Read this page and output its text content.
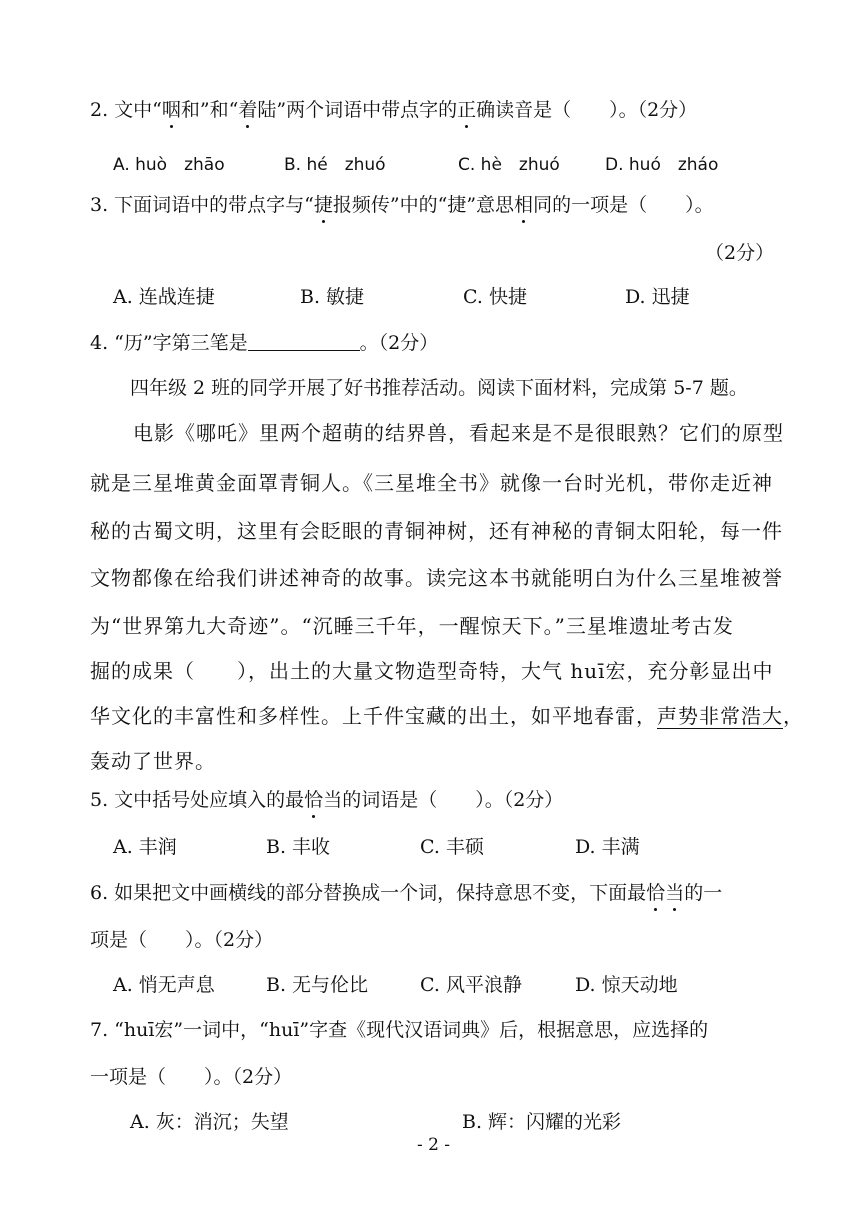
2. 文中“咽和”和“着陆”两个词语中带点字的正确读音是（　　）。（2分）
A. huò　zhāo	B. hé　zhuó	C. hè　zhuó	D. huó　zháo
3. 下面词语中的带点字与“捷报频传”中的“捷”意思相同的一项是（　　）。
（2分）
A. 连战连捷	B. 敏捷	C. 快捷	D. 迅捷
4. “历”字第三笔是	。（2分）
四年级 2 班的同学开展了好书推荐活动。阅读下面材料，完成第 5-7 题。
电影《哪吒》里两个超萌的结界兽，看起来是不是很眼熟？它们的原型
就是三星堆黄金面罩青铜人。《三星堆全书》就像一台时光机，带你走近神
秘的古蜀文明，这里有会眨眼的青铜神树，还有神秘的青铜太阳轮，每一件
文物都像在给我们讲述神奇的故事。读完这本书就能明白为什么三星堆被誉
为“世界第九大奇迹”。“沉睡三千年，一醒惊天下。”三星堆遗址考古发
掘的成果（　　），出土的大量文物造型奇特，大气 huī宏，充分彰显出中
华文化的丰富性和多样性。上千件宝藏的出土，如平地春雷，声势非常浩大，
轰动了世界。
5. 文中括号处应填入的最恰当的词语是（　　）。（2分）
A. 丰润	B. 丰收	C. 丰硕	D. 丰满
6. 如果把文中画横线的部分替换成一个词，保持意思不变，下面最恰当的一
项是（　　）。（2分）
A. 悄无声息	B. 无与伦比	C. 风平浪静	D. 惊天动地
7. “huī宏”一词中，“huī”字查《现代汉语词典》后，根据意思，应选择的
一项是（　　）。（2分）
A. 灰：消沉；失望	B. 辉：闪耀的光彩
- 2 -
